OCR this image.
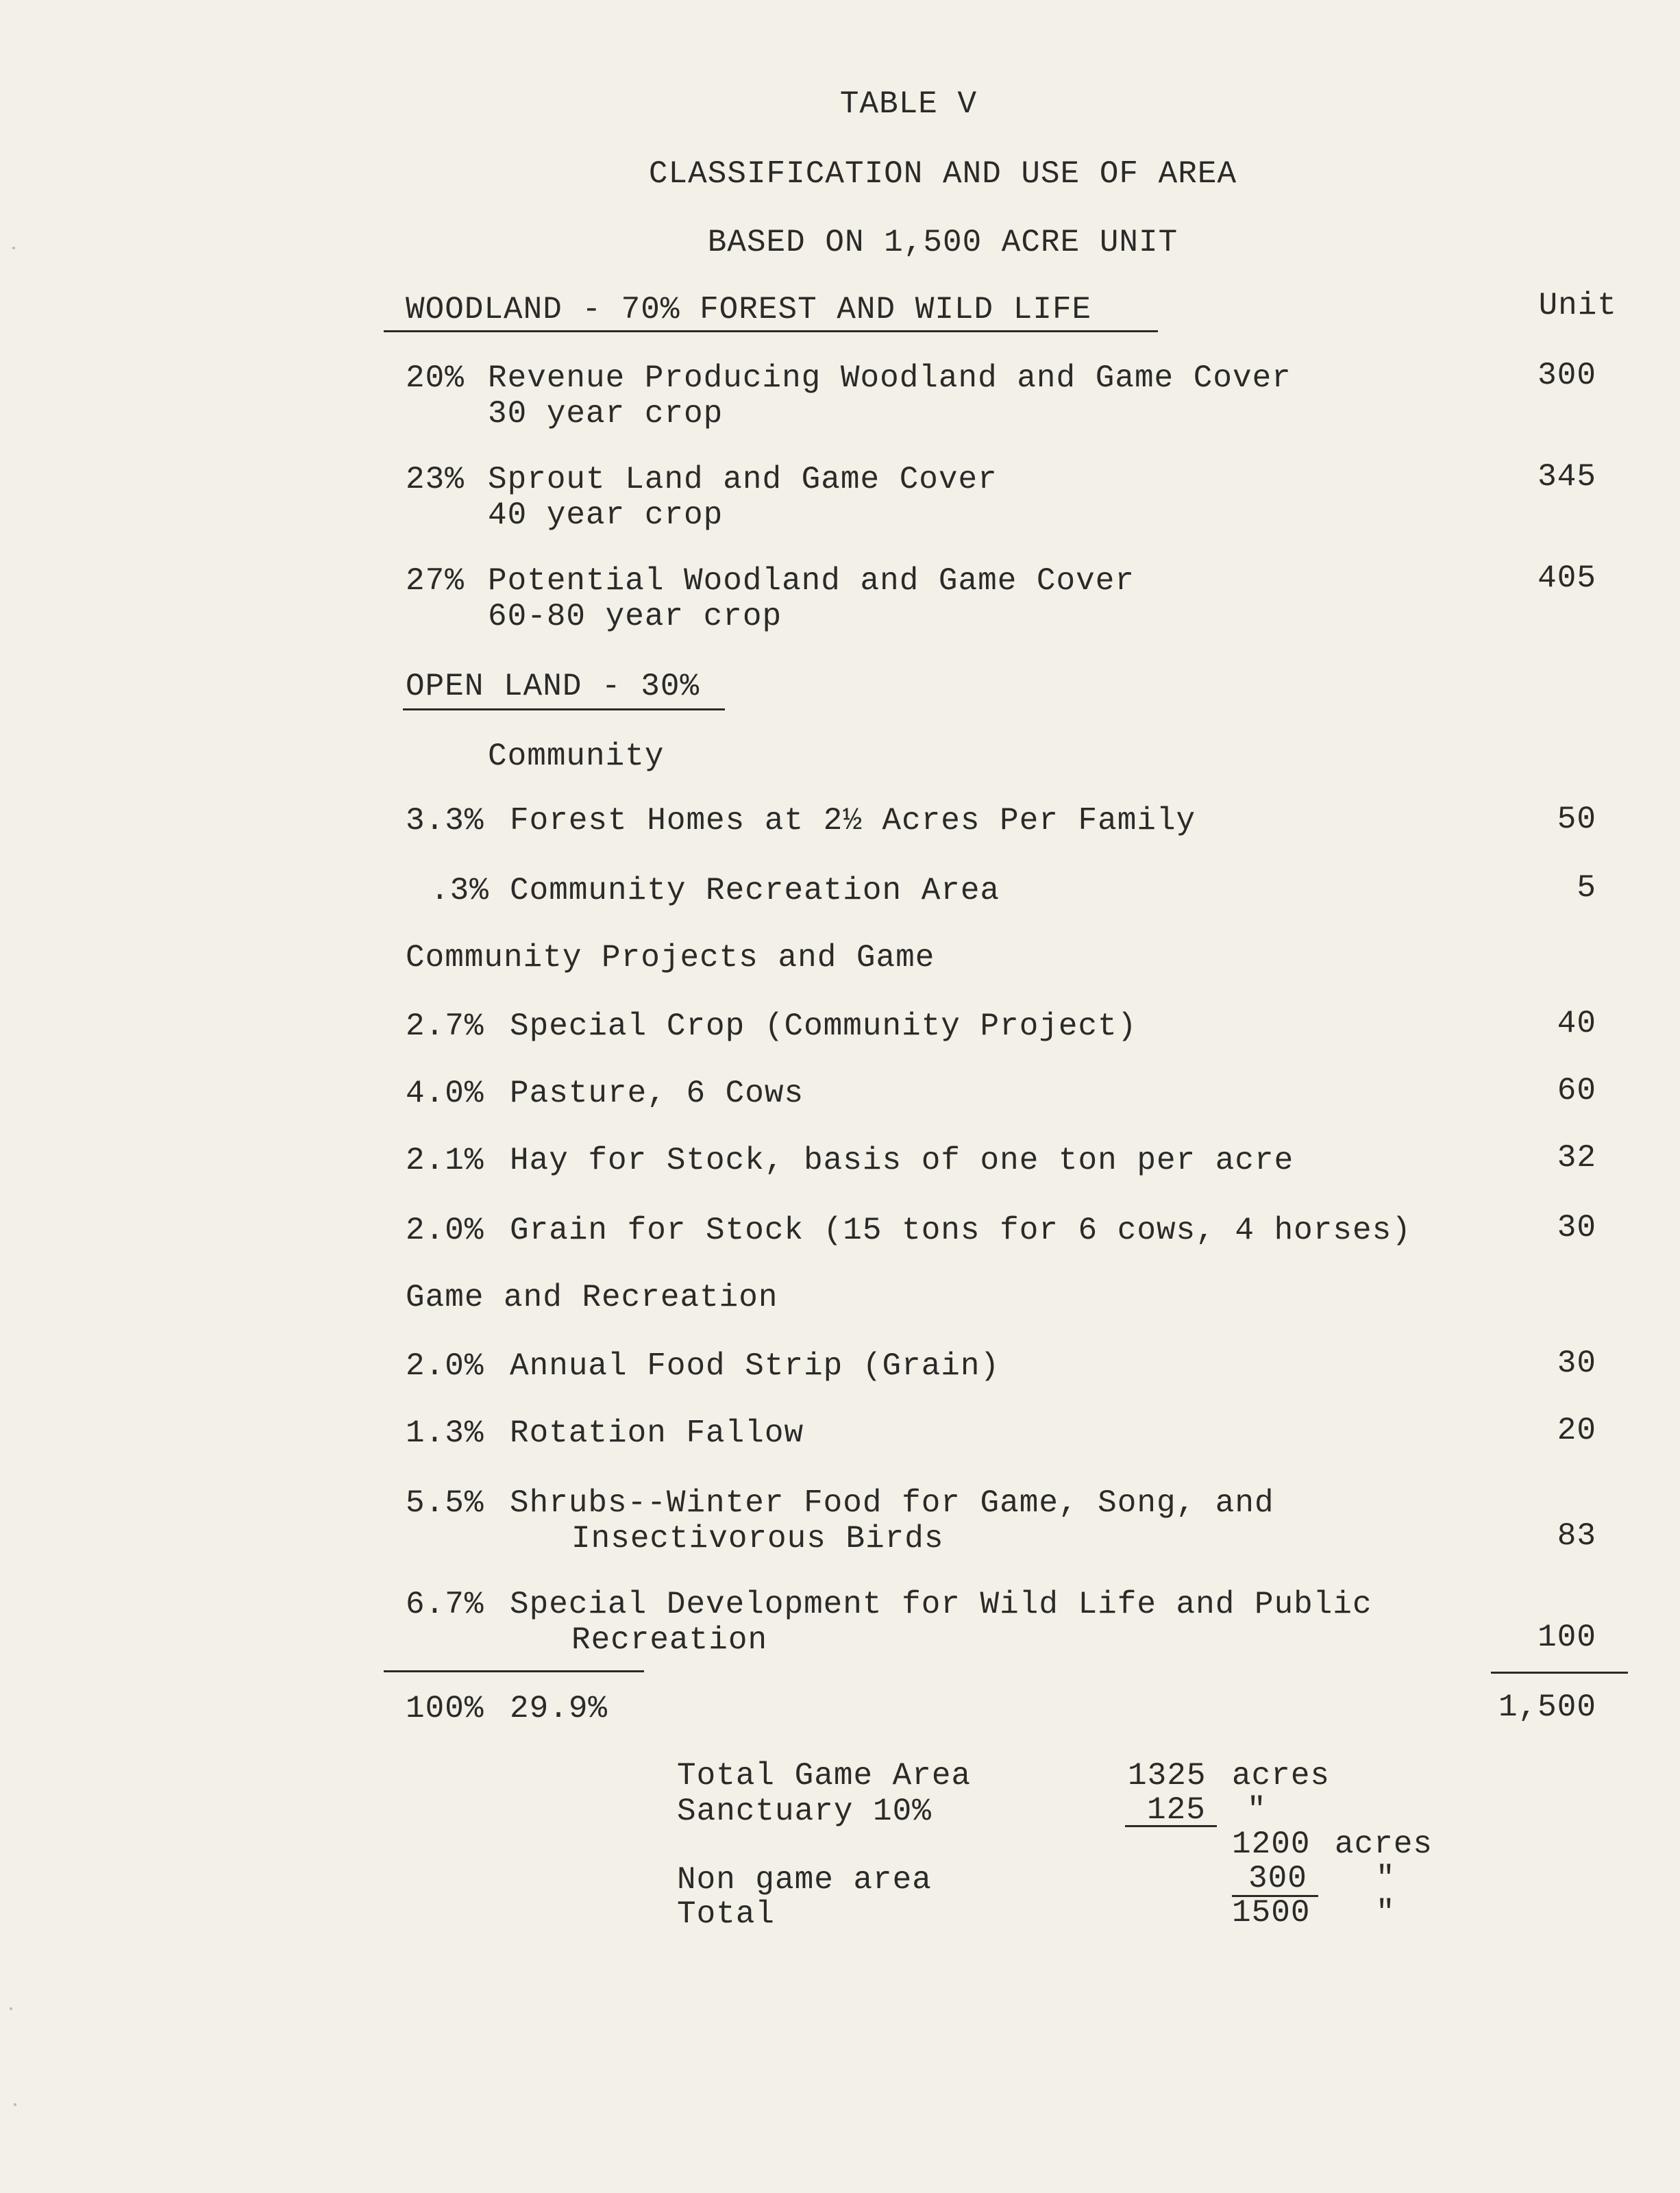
TABLE V
CLASSIFICATION AND USE OF AREA
BASED ON 1,500 ACRE UNIT
WOODLAND - 70% FOREST AND WILD LIFE	Unit
20% Revenue Producing Woodland and Game Cover
30 year crop
300
23% Sprout Land and Game Cover
40 year crop
345
27% Potential Woodland and Game Cover
60-80 year crop
405
OPEN LAND - 30%
Community
3.3% Forest Homes at 2½ Acres Per Family	50
.3% Community Recreation Area	5
Community Projects and Game
2.7% Special Crop (Community Project)	40
4.0% Pasture, 6 Cows	60
2.1% Hay for Stock, basis of one ton per acre	32
2.0% Grain for Stock (15 tons for 6 cows, 4 horses)	30
Game and Recreation
2.0% Annual Food Strip (Grain)	30
1.3% Rotation Fallow	20
5.5% Shrubs--Winter Food for Game, Song, and
Insectivorous Birds	83
6.7% Special Development for Wild Life and Public
Recreation	100
100% 29.9%	1,500
Total Game Area	1325 acres
Sanctuary 10%	125 "
1200 acres
Non game area	300 "
Total	1500 "
